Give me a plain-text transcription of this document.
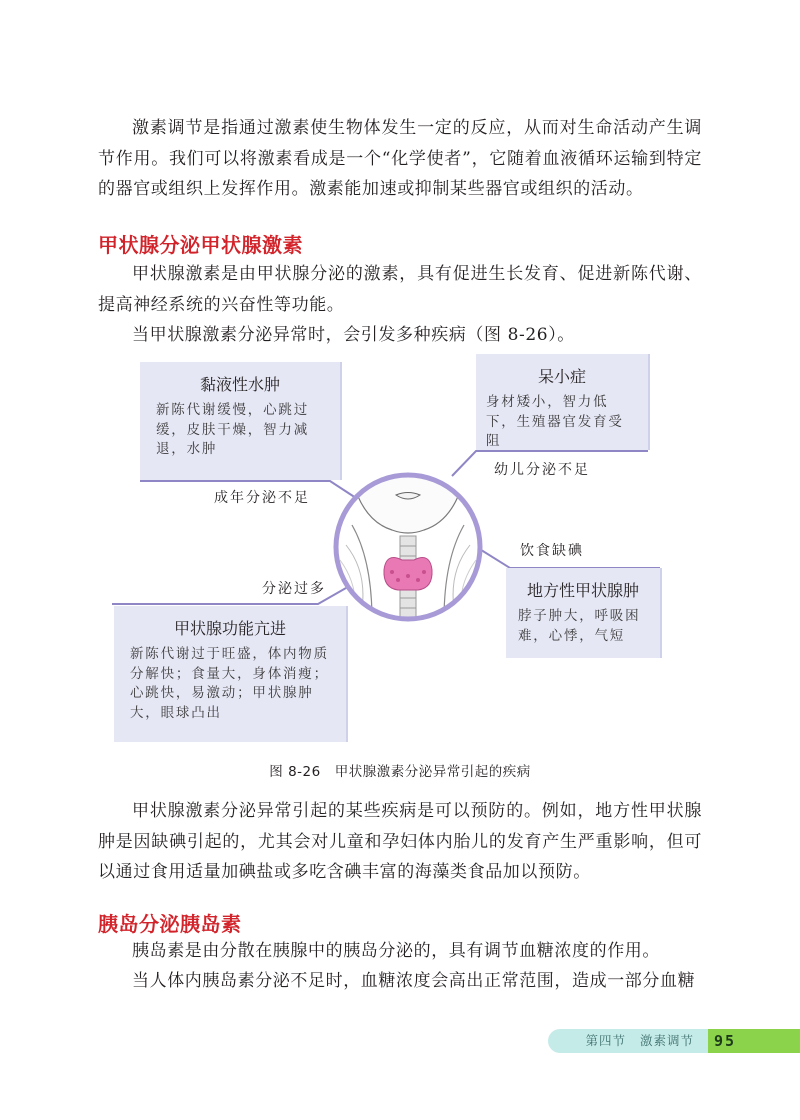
激素调节是指通过激素使生物体发生一定的反应，从而对生命活动产生调节作用。我们可以将激素看成是一个“化学使者”，它随着血液循环运输到特定的器官或组织上发挥作用。激素能加速或抑制某些器官或组织的活动。

甲状腺分泌甲状腺激素

甲状腺激素是由甲状腺分泌的激素，具有促进生长发育、促进新陈代谢、提高神经系统的兴奋性等功能。

当甲状腺激素分泌异常时，会引发多种疾病（图 8-26）。

黏液性水肿
新陈代谢缓慢，心跳过缓，皮肤干燥，智力减退，水肿
呆小症
身材矮小，智力低下，生殖器官发育受阻
地方性甲状腺肿
脖子肿大，呼吸困难，心悸，气短
甲状腺功能亢进
新陈代谢过于旺盛，体内物质分解快；食量大，身体消瘦；心跳快，易激动；甲状腺肿大，眼球凸出
成年分泌不足
幼儿分泌不足
饮食缺碘
分泌过多
图 8-26　甲状腺激素分泌异常引起的疾病

甲状腺激素分泌异常引起的某些疾病是可以预防的。例如，地方性甲状腺肿是因缺碘引起的，尤其会对儿童和孕妇体内胎儿的发育产生严重影响，但可以通过食用适量加碘盐或多吃含碘丰富的海藻类食品加以预防。

胰岛分泌胰岛素

胰岛素是由分散在胰腺中的胰岛分泌的，具有调节血糖浓度的作用。

当人体内胰岛素分泌不足时，血糖浓度会高出正常范围，造成一部分血糖

第四节 激素调节	95
